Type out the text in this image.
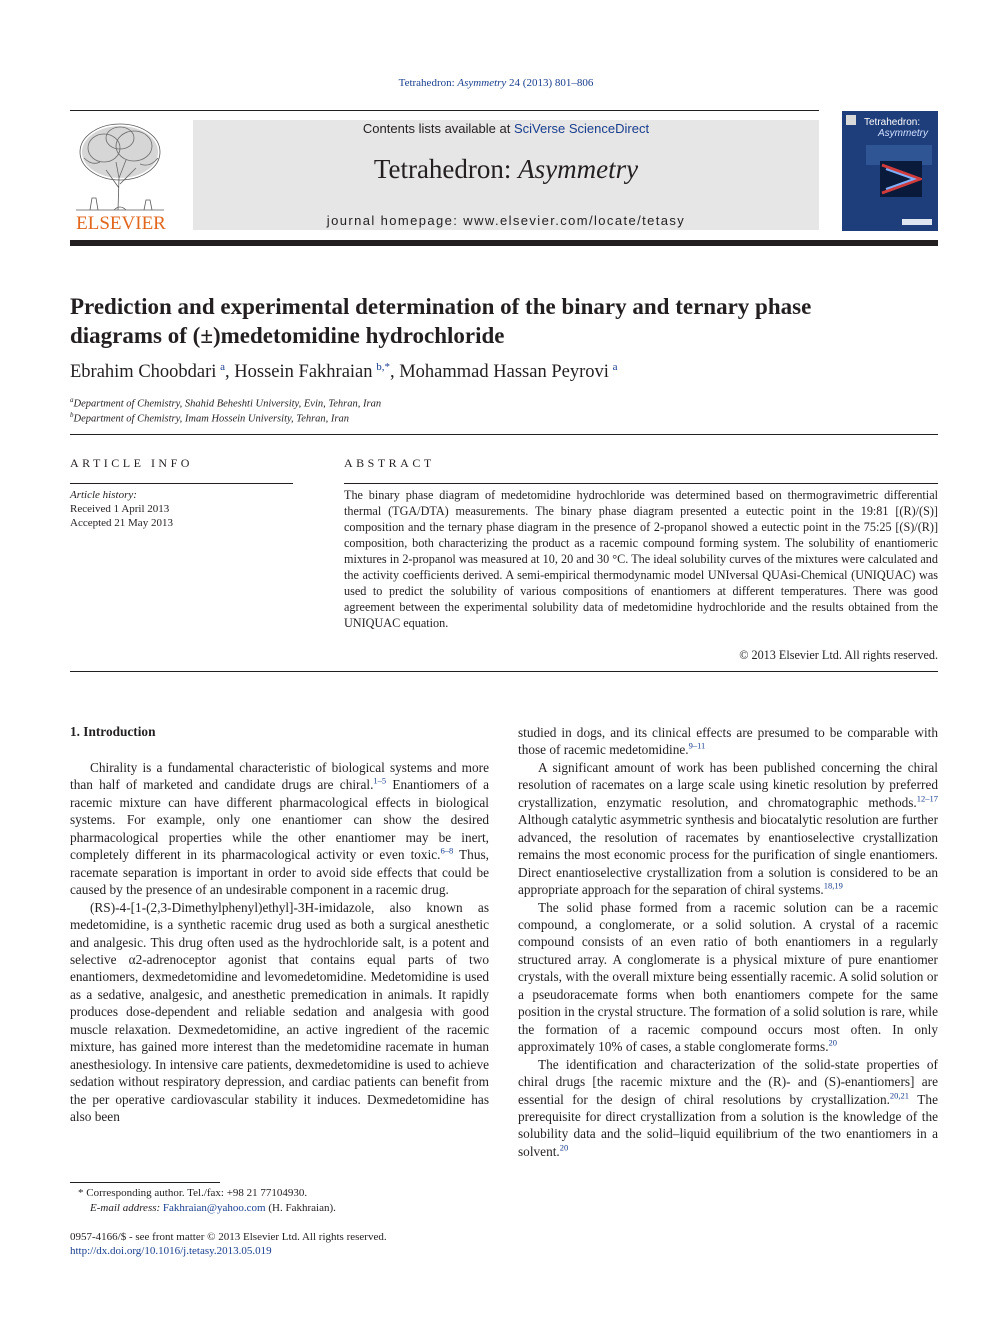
Tetrahedron: Asymmetry 24 (2013) 801–806
ELSEVIER
Contents lists available at SciVerse ScienceDirect
Tetrahedron: Asymmetry
journal homepage: www.elsevier.com/locate/tetasy
Tetrahedron:
Asymmetry
Prediction and experimental determination of the binary and ternary phase diagrams of (±)medetomidine hydrochloride
Ebrahim Choobdari  $^a$, Hossein Fakhraian  $^{b,*}$, Mohammad Hassan Peyrovi  $^a$
$^a$Department of Chemistry, Shahid Beheshti University, Evin, Tehran, Iran
$^b$Department of Chemistry, Imam Hossein University, Tehran, Iran
ARTICLE INFO
Article history:
Received 1 April 2013
Accepted 21 May 2013
ABSTRACT
The binary phase diagram of medetomidine hydrochloride was determined based on thermogravimetric differential thermal (TGA/DTA) measurements. The binary phase diagram presented a eutectic point in the 19:81 [(R)/(S)] composition and the ternary phase diagram in the presence of 2-propanol showed a eutectic point in the 75:25 [(S)/(R)] composition, both characterizing the product as a racemic compound forming system. The solubility of enantiomeric mixtures in 2-propanol was measured at 10, 20 and 30 °C. The ideal solubility curves of the mixtures were calculated and the activity coefficients derived. A semi-empirical thermodynamic model UNIversal QUAsi-Chemical (UNIQUAC) was used to predict the solubility of various compositions of enantiomers at different temperatures. There was good agreement between the experimental solubility data of medetomidine hydrochloride and the results obtained from the UNIQUAC equation.
© 2013 Elsevier Ltd. All rights reserved.
1. Introduction

Chirality is a fundamental characteristic of biological systems and more than half of marketed and candidate drugs are chiral.$^{1-5}$ Enantiomers of a racemic mixture can have different pharmacological effects in biological systems. For example, only one enantiomer can show the desired pharmacological properties while the other enantiomer may be inert, completely different in its pharmacological activity or even toxic.$^{6-8}$ Thus, racemate separation is important in order to avoid side effects that could be caused by the presence of an undesirable component in a racemic drug.

(RS)-4-[1-(2,3-Dimethylphenyl)ethyl]-3H-imidazole, also known as medetomidine, is a synthetic racemic drug used as both a surgical anesthetic and analgesic. This drug often used as the hydrochloride salt, is a potent and selective α2-adrenoceptor agonist that contains equal parts of two enantiomers, dexmedetomidine and levomedetomidine. Medetomidine is used as a sedative, analgesic, and anesthetic premedication in animals. It rapidly produces dose-dependent and reliable sedation and analgesia with good muscle relaxation. Dexmedetomidine, an active ingredient of the racemic mixture, has gained more interest than the medetomidine racemate in human anesthesiology. In intensive care patients, dexmedetomidine is used to achieve sedation without respiratory depression, and cardiac patients can benefit from the per operative cardiovascular stability it induces. Dexmedetomidine has also been

studied in dogs, and its clinical effects are presumed to be comparable with those of racemic medetomidine.$^{9-11}$

A significant amount of work has been published concerning the chiral resolution of racemates on a large scale using kinetic resolution by preferred crystallization, enzymatic resolution, and chromatographic methods.$^{12-17}$ Although catalytic asymmetric synthesis and biocatalytic resolution are further advanced, the resolution of racemates by enantioselective crystallization remains the most economic process for the purification of single enantiomers. Direct enantioselective crystallization from a solution is considered to be an appropriate approach for the separation of chiral systems.$^{18,19}$

The solid phase formed from a racemic solution can be a racemic compound, a conglomerate, or a solid solution. A crystal of a racemic compound consists of an even ratio of both enantiomers in a regularly structured array. A conglomerate is a physical mixture of pure enantiomer crystals, with the overall mixture being essentially racemic. A solid solution or a pseudoracemate forms when both enantiomers compete for the same position in the crystal structure. The formation of a solid solution is rare, while the formation of a racemic compound occurs most often. In only approximately 10% of cases, a stable conglomerate forms.$^{20}$

The identification and characterization of the solid-state properties of chiral drugs [the racemic mixture and the (R)- and (S)-enantiomers] are essential for the design of chiral resolutions by crystallization.$^{20,21}$ The prerequisite for direct crystallization from a solution is the knowledge of the solubility data and the solid–liquid equilibrium of the two enantiomers in a solvent.$^{20}$

* Corresponding author. Tel./fax: +98 21 77104930.
E-mail address: Fakhraian@yahoo.com (H. Fakhraian).
0957-4166/$ - see front matter © 2013 Elsevier Ltd. All rights reserved.
http://dx.doi.org/10.1016/j.tetasy.2013.05.019
